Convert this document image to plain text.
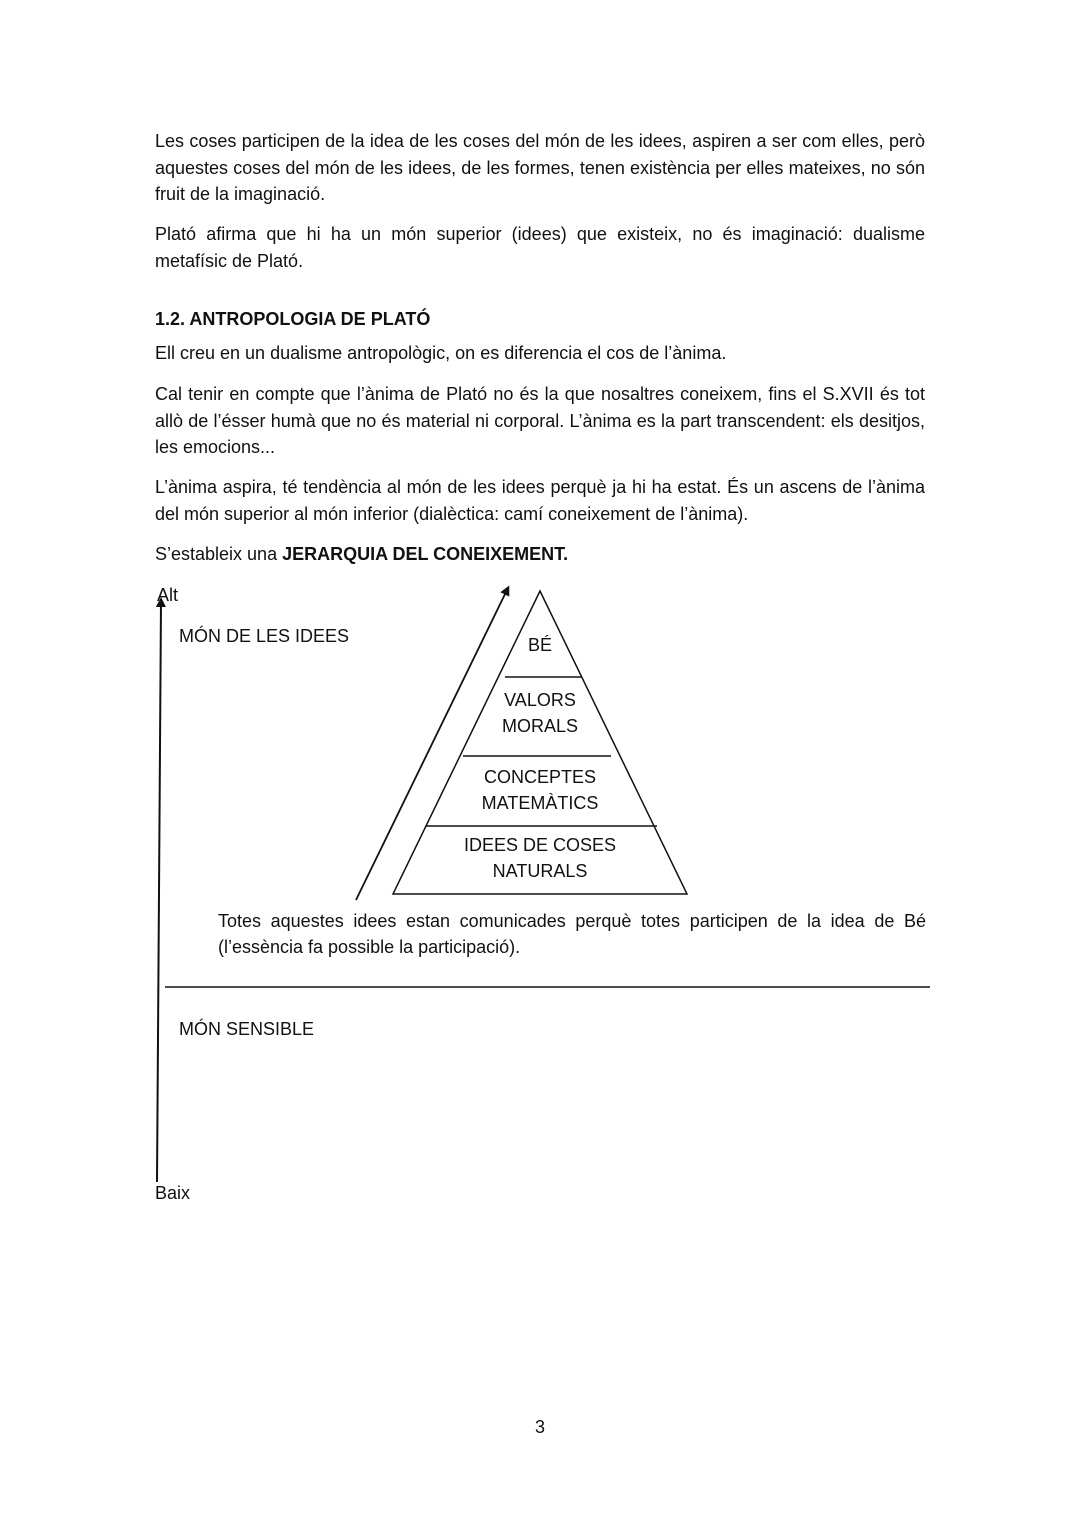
Les coses participen de la idea de les coses del món de les idees, aspiren a ser com elles, però aquestes coses del món de les idees, de les formes, tenen existència per elles mateixes, no són fruit de la imaginació.

Plató afirma que hi ha un món superior (idees) que existeix, no és imaginació: dualisme metafísic de Plató.

1.2. ANTROPOLOGIA DE PLATÓ

Ell creu en un dualisme antropològic, on es diferencia el cos de l’ànima.

Cal tenir en compte que l’ànima de Plató no és la que nosaltres coneixem, fins el S.XVII és tot allò de l’ésser humà que no és material ni corporal. L’ànima es la part transcendent: els desitjos, les emocions...

L’ànima aspira, té tendència al món de les idees perquè ja hi ha estat. És un ascens de l’ànima del món superior al món inferior (dialèctica: camí coneixement de l’ànima).

S’estableix una JERARQUIA DEL CONEIXEMENT.

Alt
Baix
MÓN DE LES IDEES
MÓN SENSIBLE
BÉ
VALORS
MORALS
CONCEPTES
MATEMÀTICS
IDEES DE COSES
NATURALS

Totes aquestes idees estan comunicades perquè totes participen de la idea de Bé (l’essència fa possible la participació).

3
